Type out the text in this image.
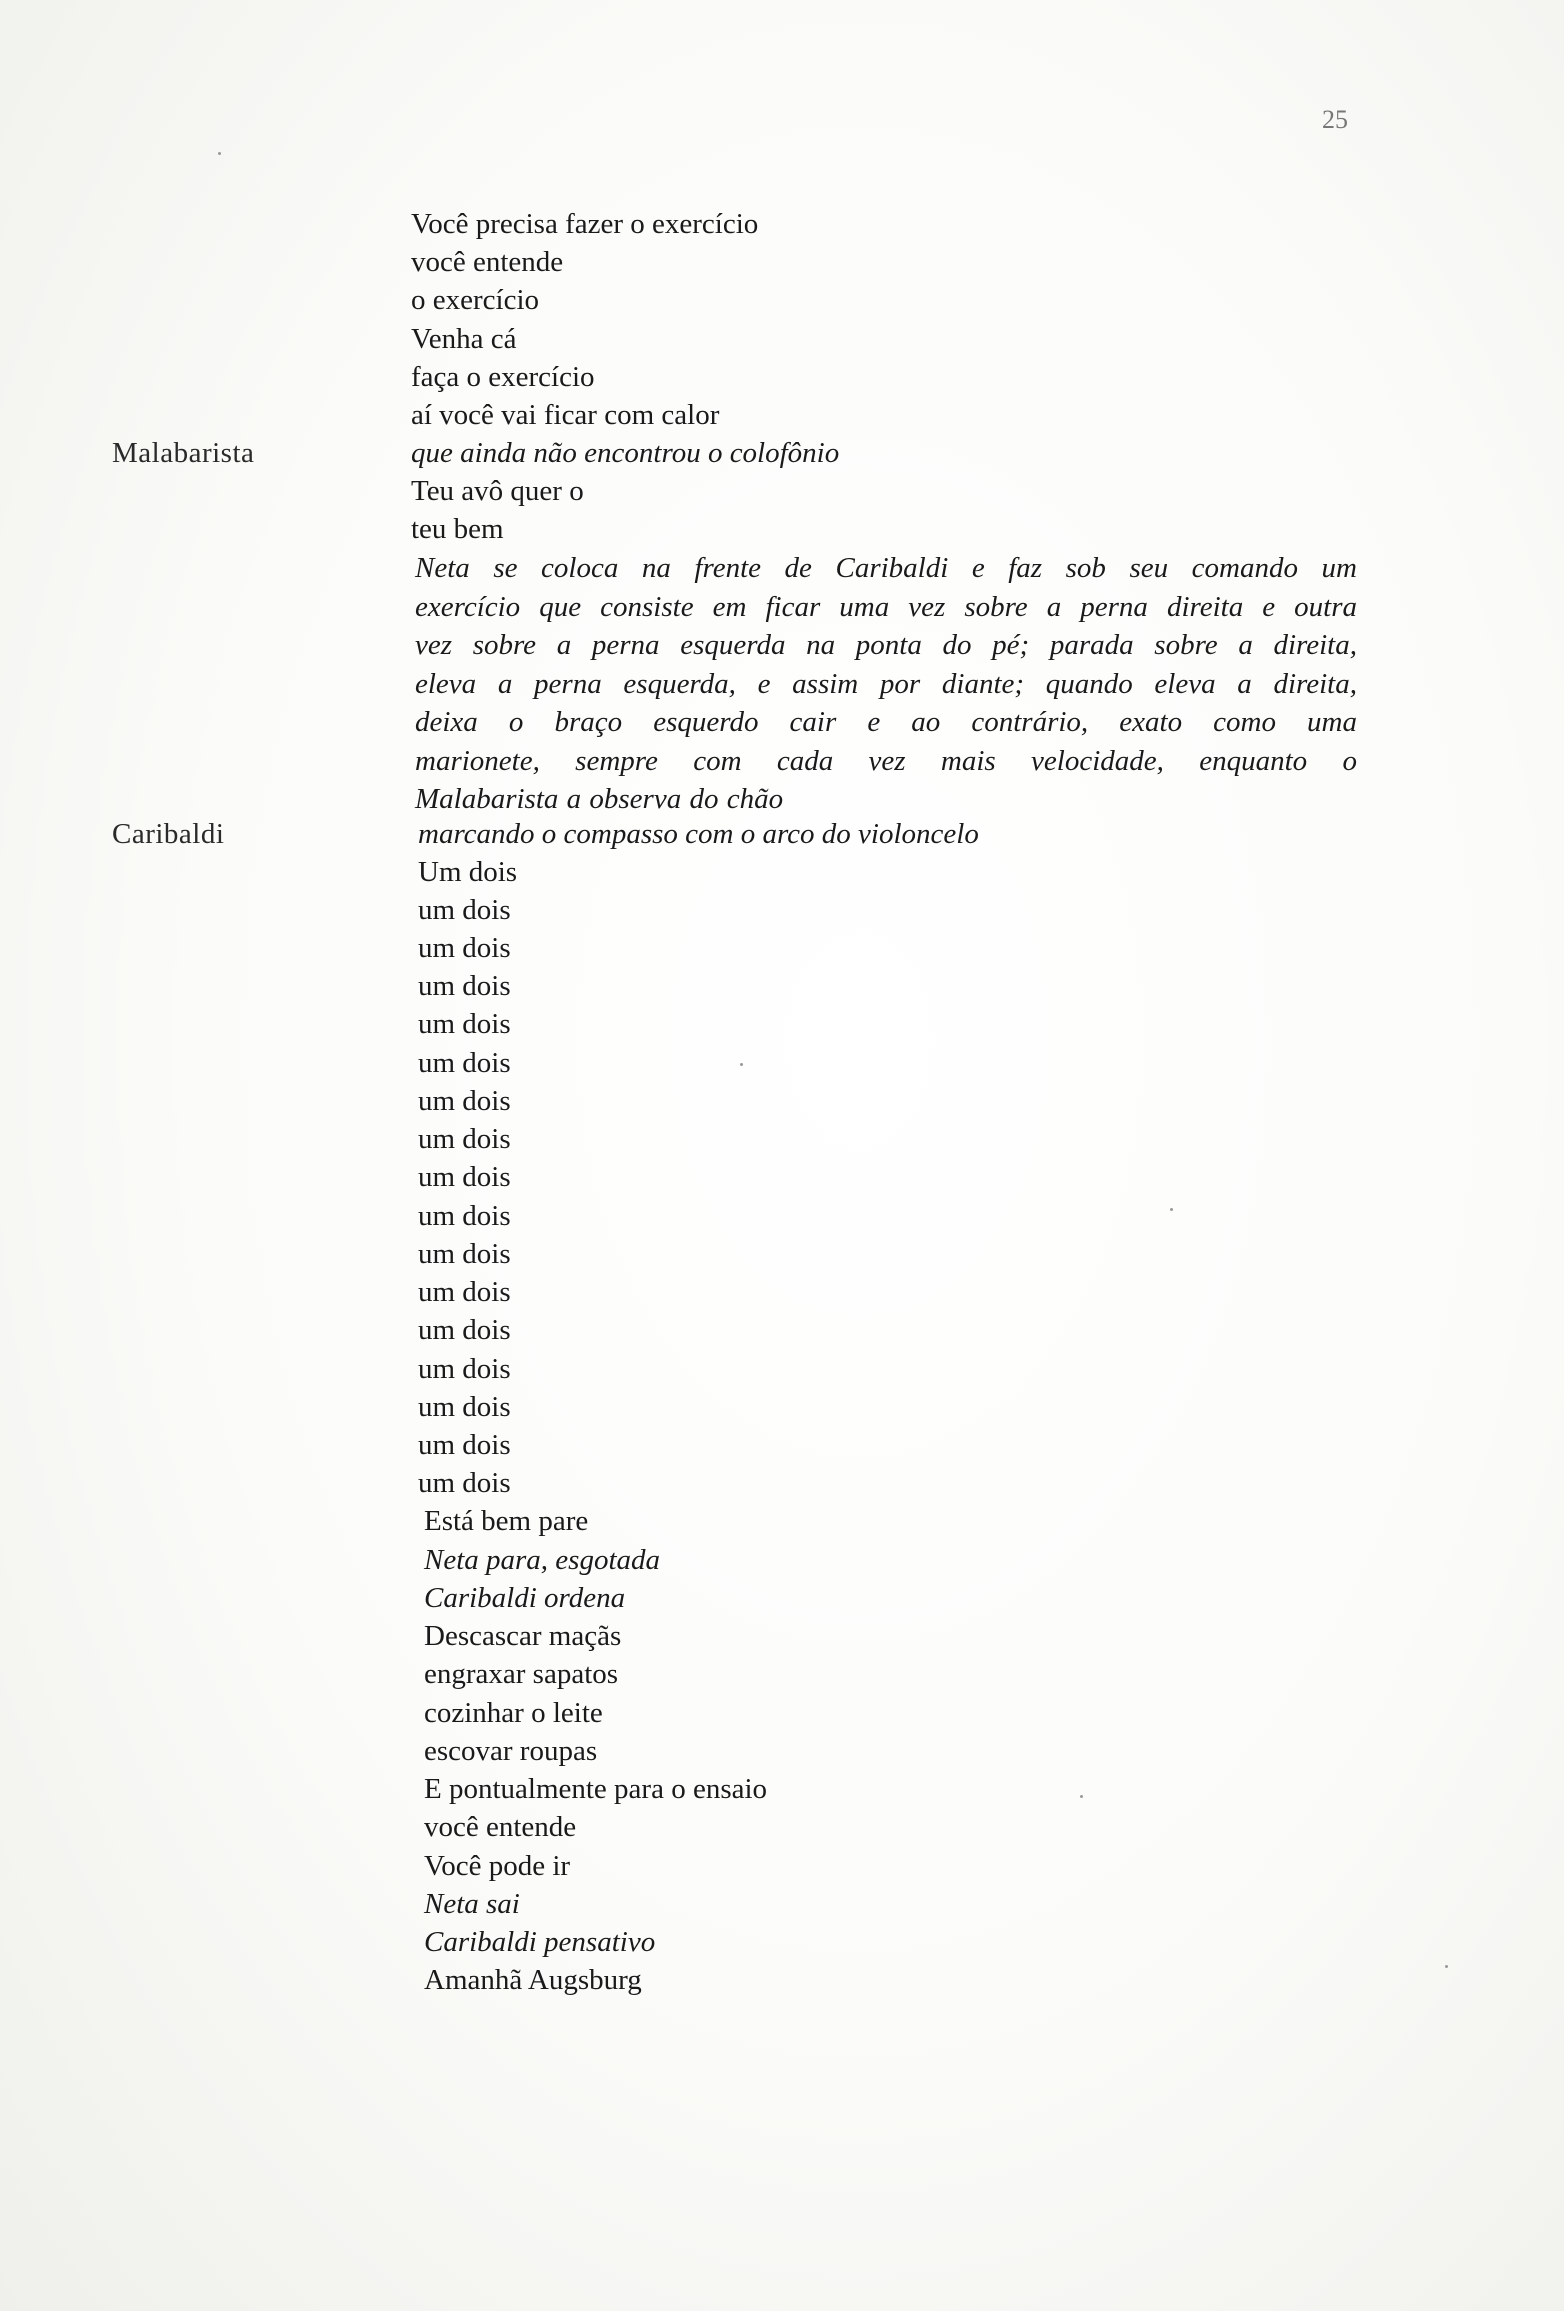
25
Você precisa fazer o exercício
você entende
o exercício
Venha cá
faça o exercício
aí você vai ficar com calor
Malabarista	que ainda não encontrou o colofônio
Teu avô quer o
teu bem
Neta se coloca na frente de Caribaldi e faz sob seu comando um
exercício que consiste em ficar uma vez sobre a perna direita e outra
vez sobre a perna esquerda na ponta do pé; parada sobre a direita,
eleva a perna esquerda, e assim por diante; quando eleva a direita,
deixa o braço esquerdo cair e ao contrário, exato como uma
marionete, sempre com cada vez mais velocidade, enquanto o
Malabarista a observa do chão
Caribaldi	marcando o compasso com o arco do violoncelo
Um dois
um dois
um dois
um dois
um dois
um dois
um dois
um dois
um dois
um dois
um dois
um dois
um dois
um dois
um dois
um dois
um dois
Está bem pare
Neta para, esgotada
Caribaldi ordena
Descascar maçãs
engraxar sapatos
cozinhar o leite
escovar roupas
E pontualmente para o ensaio
você entende
Você pode ir
Neta sai
Caribaldi pensativo
Amanhã Augsburg
